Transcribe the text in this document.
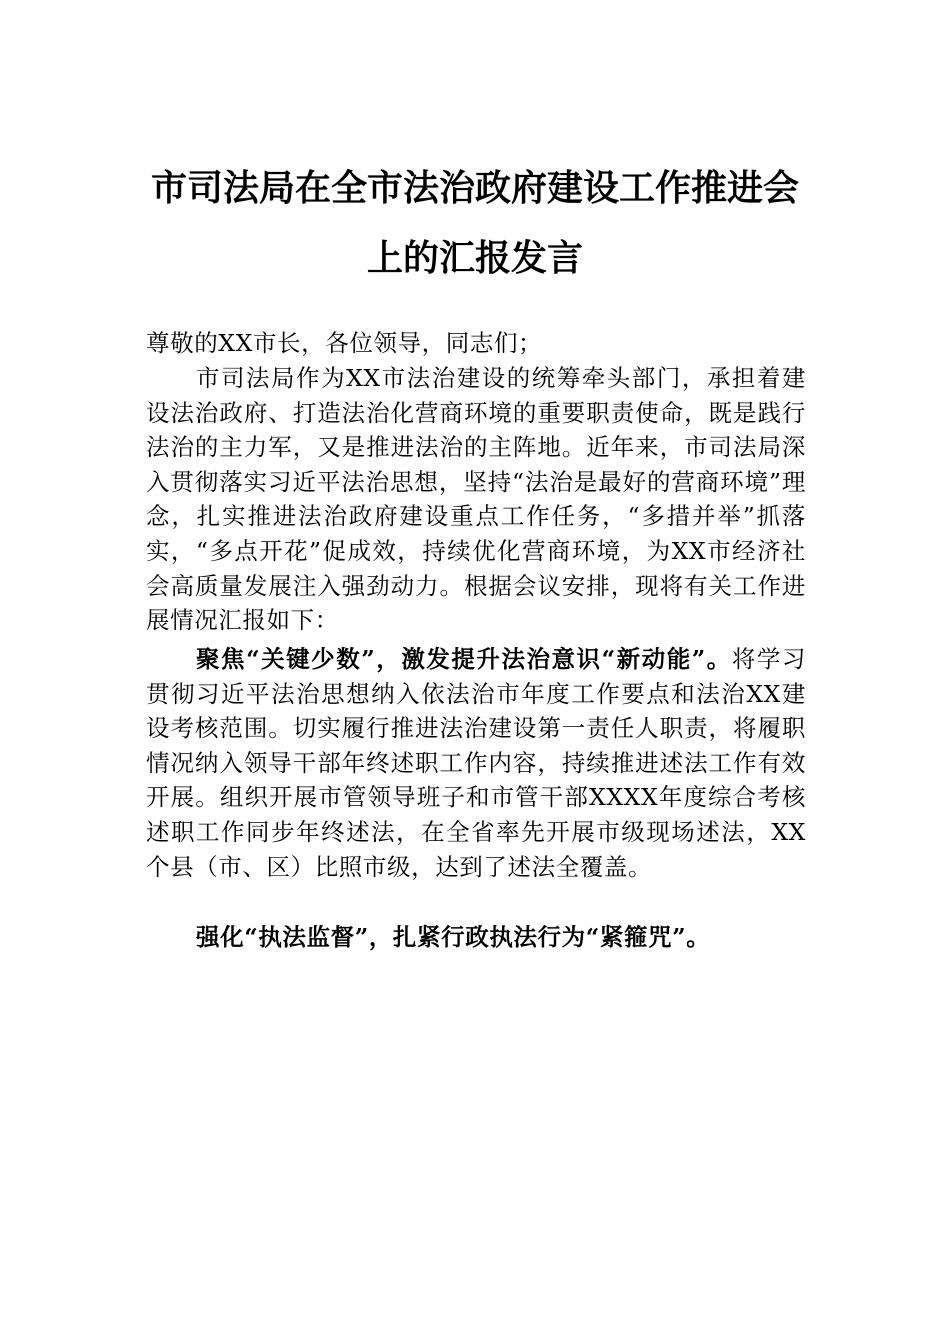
市司法局在全市法治政府建设工作推进会
上的汇报发言
尊敬的XX市长，各位领导，同志们；
市司法局作为XX市法治建设的统筹牵头部门，承担着建设法治政府、打造法治化营商环境的重要职责使命，既是践行法治的主力军，又是推进法治的主阵地。近年来，市司法局深入贯彻落实习近平法治思想，坚持“法治是最好的营商环境”理念，扎实推进法治政府建设重点工作任务，“多措并举”抓落实，“多点开花”促成效，持续优化营商环境，为XX市经济社会高质量发展注入强劲动力。根据会议安排，现将有关工作进展情况汇报如下：
聚焦“关键少数”，激发提升法治意识“新动能”。将学习贯彻习近平法治思想纳入依法治市年度工作要点和法治XX建设考核范围。切实履行推进法治建设第一责任人职责，将履职情况纳入领导干部年终述职工作内容，持续推进述法工作有效开展。组织开展市管领导班子和市管干部XXXX年度综合考核述职工作同步年终述法，在全省率先开展市级现场述法，XX个县（市、区）比照市级，达到了述法全覆盖。
强化“执法监督”，扎紧行政执法行为“紧箍咒”。
